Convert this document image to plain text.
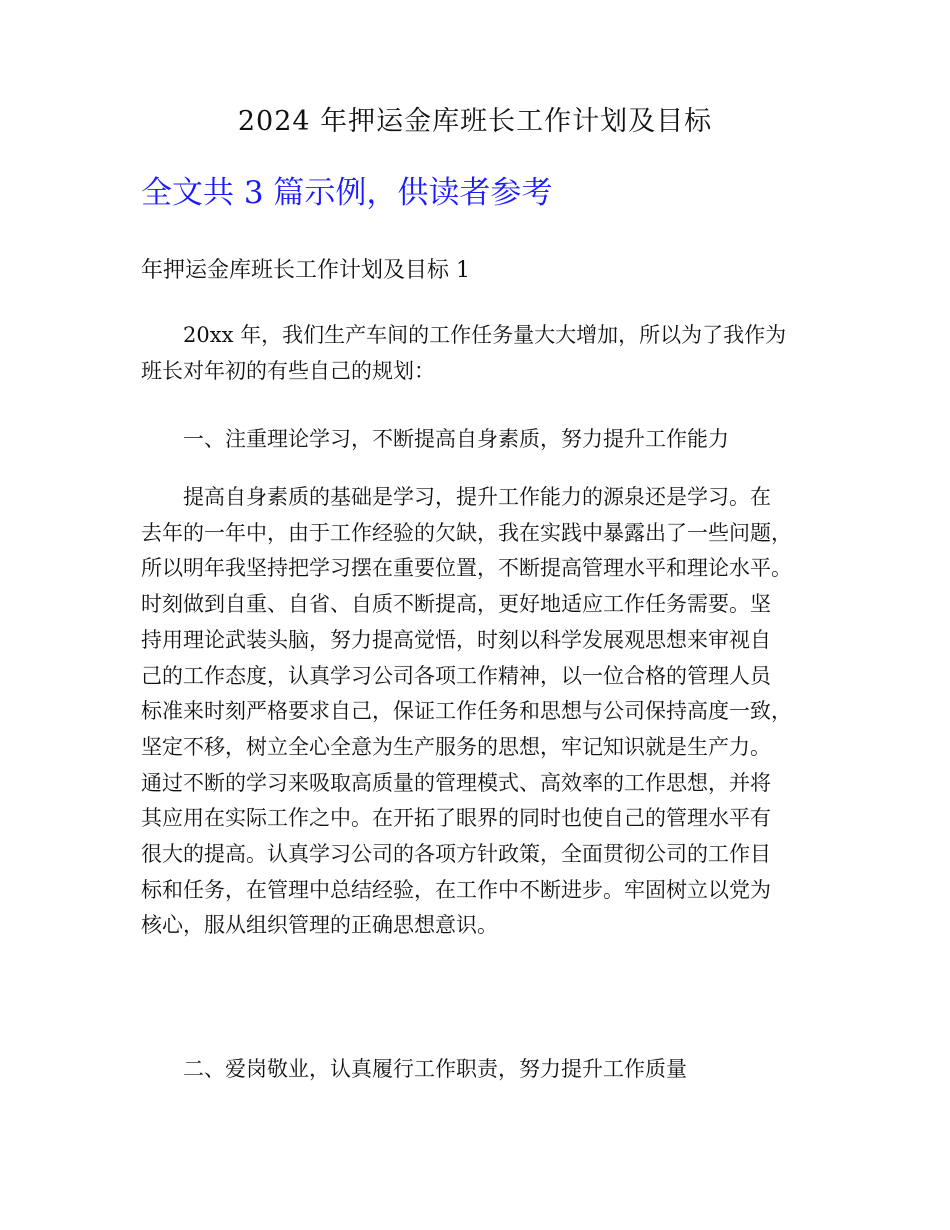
2024 年押运金库班长工作计划及目标
全文共 3 篇示例，供读者参考
年押运金库班长工作计划及目标 1
20xx 年，我们生产车间的工作任务量大大增加，所以为了我作为
班长对年初的有些自己的规划：
一、注重理论学习，不断提高自身素质，努力提升工作能力
提高自身素质的基础是学习，提升工作能力的源泉还是学习。在
去年的一年中，由于工作经验的欠缺，我在实践中暴露出了一些问题，
所以明年我坚持把学习摆在重要位置，不断提高管理水平和理论水平。
时刻做到自重、自省、自质不断提高，更好地适应工作任务需要。坚
持用理论武装头脑，努力提高觉悟，时刻以科学发展观思想来审视自
己的工作态度，认真学习公司各项工作精神，以一位合格的管理人员
标准来时刻严格要求自己，保证工作任务和思想与公司保持高度一致，
坚定不移，树立全心全意为生产服务的思想，牢记知识就是生产力。
通过不断的学习来吸取高质量的管理模式、高效率的工作思想，并将
其应用在实际工作之中。在开拓了眼界的同时也使自己的管理水平有
很大的提高。认真学习公司的各项方针政策，全面贯彻公司的工作目
标和任务，在管理中总结经验，在工作中不断进步。牢固树立以党为
核心，服从组织管理的正确思想意识。
二、爱岗敬业，认真履行工作职责，努力提升工作质量
